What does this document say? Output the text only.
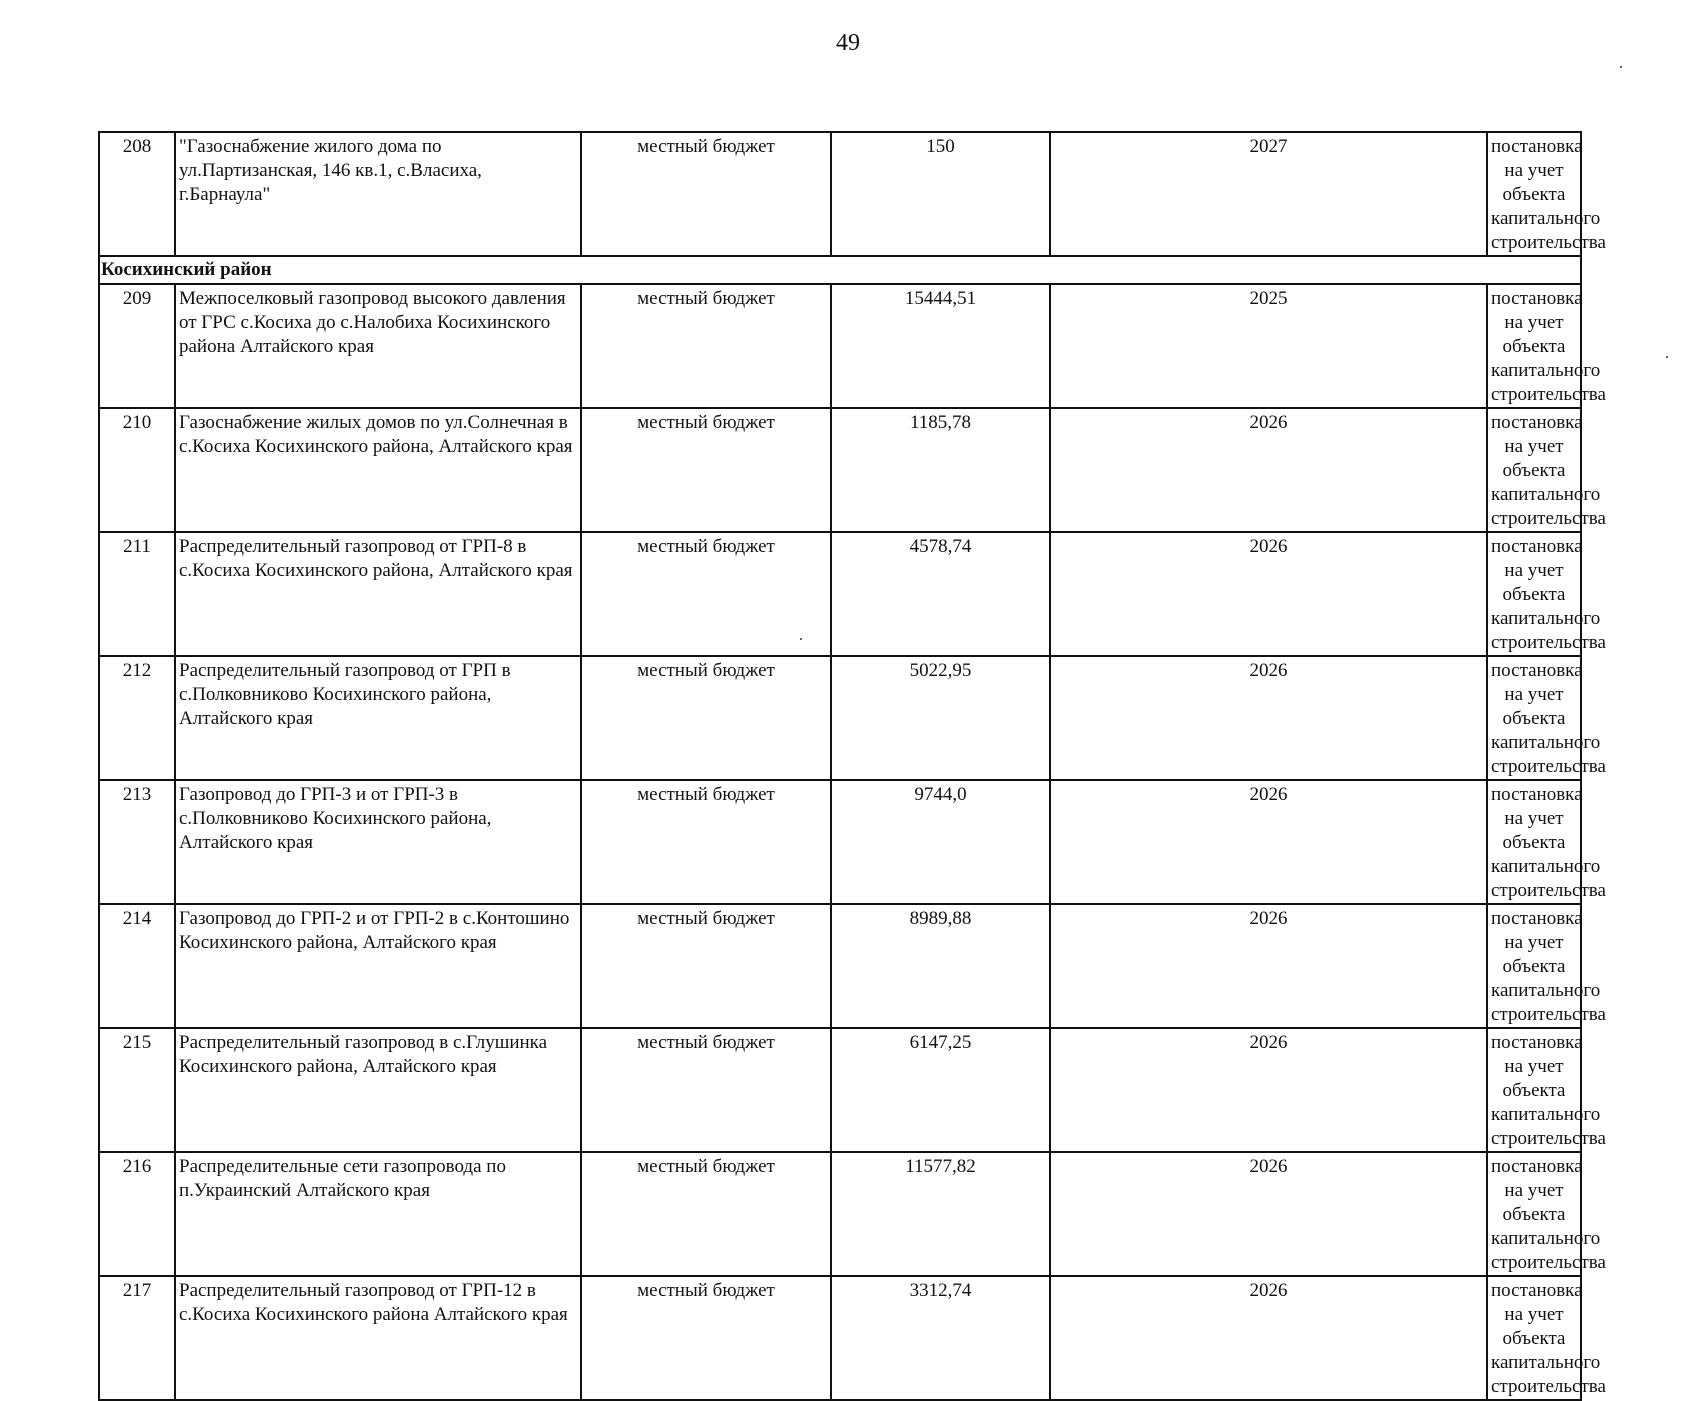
49
208	"Газоснабжение жилого дома по ул.Партизанская, 146 кв.1, с.Власиха, г.Барнаула"	местный бюджет	150	2027	постановка на учет объекта капитального строительства
Косихинский район					
209	Межпоселковый газопровод высокого давления от ГРС с.Косиха до с.Налобиха Косихинского района Алтайского края	местный бюджет	15444,51	2025	постановка на учет объекта капитального строительства
210	Газоснабжение жилых домов по ул.Солнечная в с.Косиха Косихинского района, Алтайского края	местный бюджет	1185,78	2026	постановка на учет объекта капитального строительства
211	Распределительный газопровод от ГРП-8 в с.Косиха Косихинского района, Алтайского края	местный бюджет	4578,74	2026	постановка на учет объекта капитального строительства
212	Распределительный газопровод от ГРП в с.Полковниково Косихинского района, Алтайского края	местный бюджет	5022,95	2026	постановка на учет объекта капитального строительства
213	Газопровод до ГРП-3 и от ГРП-3 в с.Полковниково Косихинского района, Алтайского края	местный бюджет	9744,0	2026	постановка на учет объекта капитального строительства
214	Газопровод до ГРП-2 и от ГРП-2 в с.Контошино Косихинского района, Алтайского края	местный бюджет	8989,88	2026	постановка на учет объекта капитального строительства
215	Распределительный газопровод в с.Глушинка Косихинского района, Алтайского края	местный бюджет	6147,25	2026	постановка на учет объекта капитального строительства
216	Распределительные сети газопровода по п.Украинский Алтайского края	местный бюджет	11577,82	2026	постановка на учет объекта капитального строительства
217	Распределительный газопровод от ГРП-12 в с.Косиха Косихинского района Алтайского края	местный бюджет	3312,74	2026	постановка на учет объекта капитального строительства
